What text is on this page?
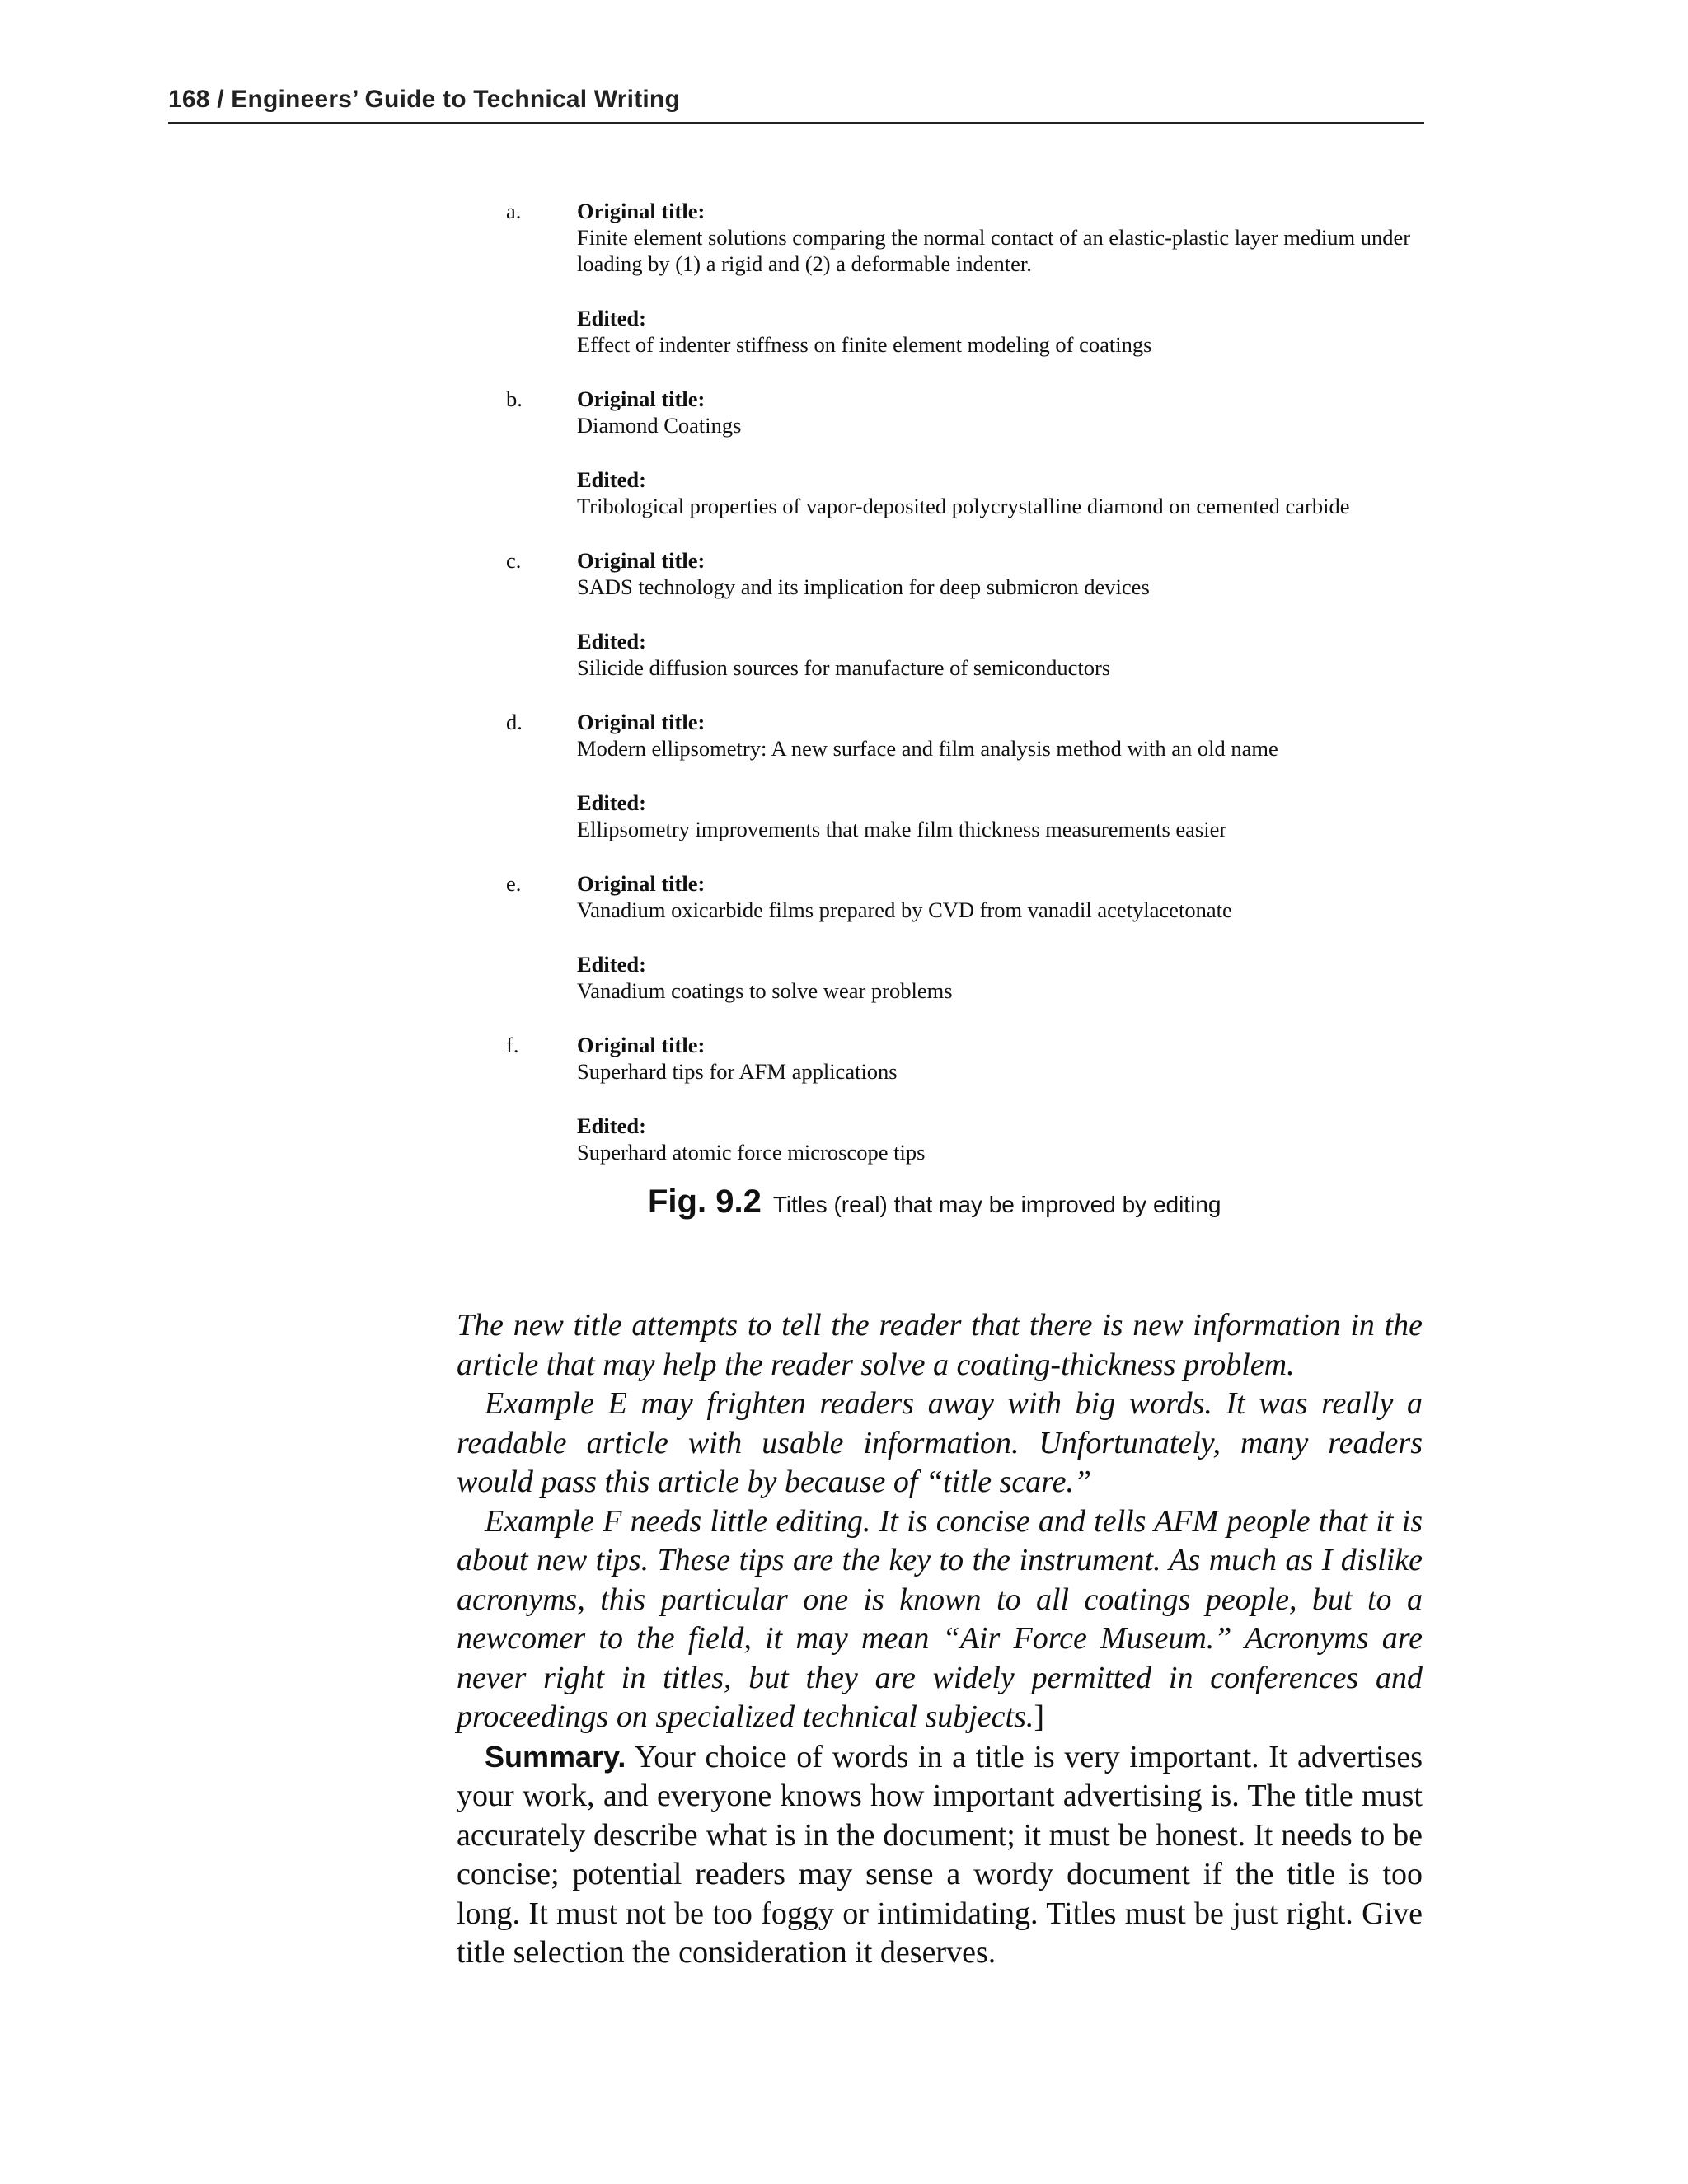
168 / Engineers’ Guide to Technical Writing
a.	Original title:
Finite element solutions comparing the normal contact of an elastic-plastic layer medium under loading by (1) a rigid and (2) a deformable indenter.
Edited:
Effect of indenter stiffness on finite element modeling of coatings
b. Original title:
Diamond Coatings
Edited:
Tribological properties of vapor-deposited polycrystalline diamond on cemented carbide
c.	Original title:
SADS technology and its implication for deep submicron devices
Edited:
Silicide diffusion sources for manufacture of semiconductors
d. Original title:
Modern ellipsometry: A new surface and film analysis method with an old name
Edited:
Ellipsometry improvements that make film thickness measurements easier
e.	Original title:
Vanadium oxicarbide films prepared by CVD from vanadil acetylacetonate
Edited:
Vanadium coatings to solve wear problems
f.	Original title:
Superhard tips for AFM applications
Edited:
Superhard atomic force microscope tips
Fig. 9.2 Titles (real) that may be improved by editing

The new title attempts to tell the reader that there is new information in the article that may help the reader solve a coating-thickness problem.

Example E may frighten readers away with big words. It was really a readable article with usable information. Unfortunately, many readers would pass this article by because of “title scare.”

Example F needs little editing. It is concise and tells AFM people that it is about new tips. These tips are the key to the instrument. As much as I dislike acronyms, this particular one is known to all coatings people, but to a newcomer to the field, it may mean “Air Force Museum.” Acronyms are never right in titles, but they are widely permitted in conferences and proceedings on specialized technical subjects.]

Summary. Your choice of words in a title is very important. It advertises your work, and everyone knows how important advertising is. The title must accurately describe what is in the document; it must be honest. It needs to be concise; potential readers may sense a wordy document if the title is too long. It must not be too foggy or intimidating. Titles must be just right. Give title selection the consideration it deserves.
